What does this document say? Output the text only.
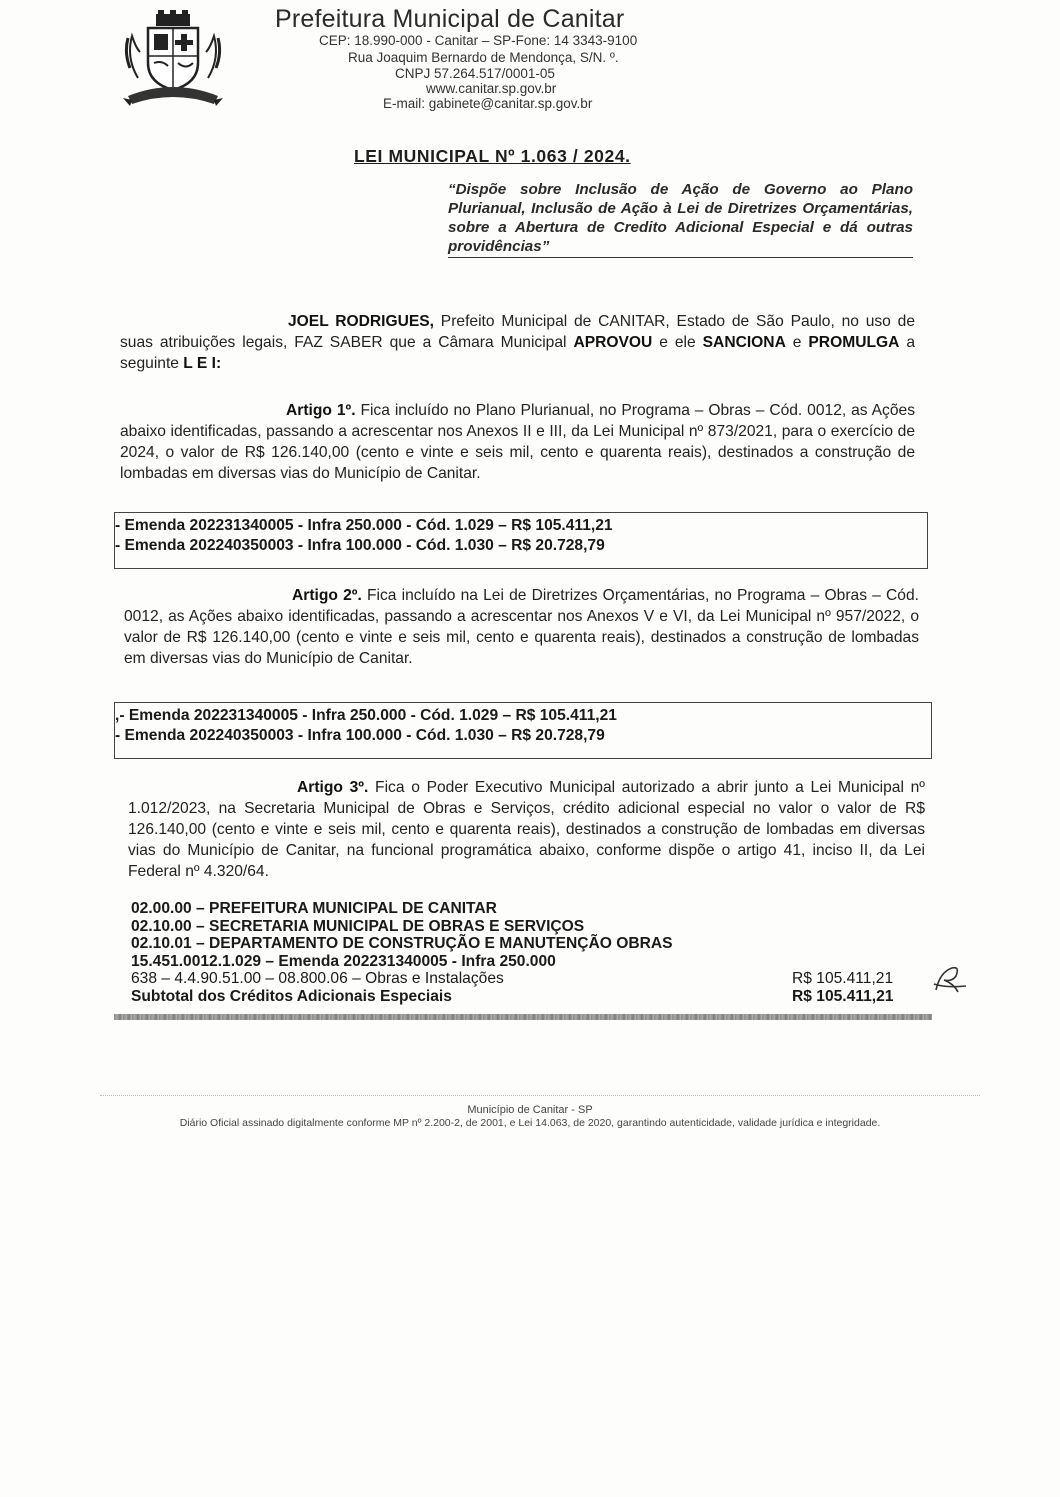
Prefeitura Municipal de Canitar
CEP: 18.990-000 - Canitar – SP-Fone: 14 3343-9100
Rua Joaquim Bernardo de Mendonça, S/N. º.
CNPJ 57.264.517/0001-05
www.canitar.sp.gov.br
E-mail: gabinete@canitar.sp.gov.br
LEI MUNICIPAL Nº 1.063 / 2024.
“Dispõe sobre Inclusão de Ação de Governo ao Plano Plurianual, Inclusão de Ação à Lei de Diretrizes Orçamentárias, sobre a Abertura de Credito Adicional Especial e dá outras providências”
JOEL RODRIGUES, Prefeito Municipal de CANITAR, Estado de São Paulo, no uso de suas atribuições legais, FAZ SABER que a Câmara Municipal APROVOU e ele SANCIONA e PROMULGA a seguinte L E I:
Artigo 1º. Fica incluído no Plano Plurianual, no Programa – Obras – Cód. 0012, as Ações abaixo identificadas, passando a acrescentar nos Anexos II e III, da Lei Municipal nº 873/2021, para o exercício de 2024, o valor de R$ 126.140,00 (cento e vinte e seis mil, cento e quarenta reais), destinados a construção de lombadas em diversas vias do Município de Canitar.
- Emenda 202231340005 - Infra 250.000 - Cód. 1.029 – R$ 105.411,21
- Emenda 202240350003 - Infra 100.000 - Cód. 1.030 – R$ 20.728,79
Artigo 2º. Fica incluído na Lei de Diretrizes Orçamentárias, no Programa – Obras – Cód. 0012, as Ações abaixo identificadas, passando a acrescentar nos Anexos V e VI, da Lei Municipal nº 957/2022, o valor de R$ 126.140,00 (cento e vinte e seis mil, cento e quarenta reais), destinados a construção de lombadas em diversas vias do Município de Canitar.
,- Emenda 202231340005 - Infra 250.000 - Cód. 1.029 – R$ 105.411,21
- Emenda 202240350003 - Infra 100.000 - Cód. 1.030 – R$ 20.728,79
Artigo 3º. Fica o Poder Executivo Municipal autorizado a abrir junto a Lei Municipal nº 1.012/2023, na Secretaria Municipal de Obras e Serviços, crédito adicional especial no valor o valor de R$ 126.140,00 (cento e vinte e seis mil, cento e quarenta reais), destinados a construção de lombadas em diversas vias do Município de Canitar, na funcional programática abaixo, conforme dispõe o artigo 41, inciso II, da Lei Federal nº 4.320/64.
02.00.00 – PREFEITURA MUNICIPAL DE CANITAR
02.10.00 – SECRETARIA MUNICIPAL DE OBRAS E SERVIÇOS
02.10.01 – DEPARTAMENTO DE CONSTRUÇÃO E MANUTENÇÃO OBRAS
15.451.0012.1.029 – Emenda 202231340005 - Infra 250.000
638 – 4.4.90.51.00 – 08.800.06 – Obras e Instalações	R$ 105.411,21
Subtotal dos Créditos Adicionais Especiais	R$ 105.411,21
Município de Canitar - SP
Diário Oficial assinado digitalmente conforme MP nº 2.200-2, de 2001, e Lei 14.063, de 2020, garantindo autenticidade, validade jurídica e integridade.
